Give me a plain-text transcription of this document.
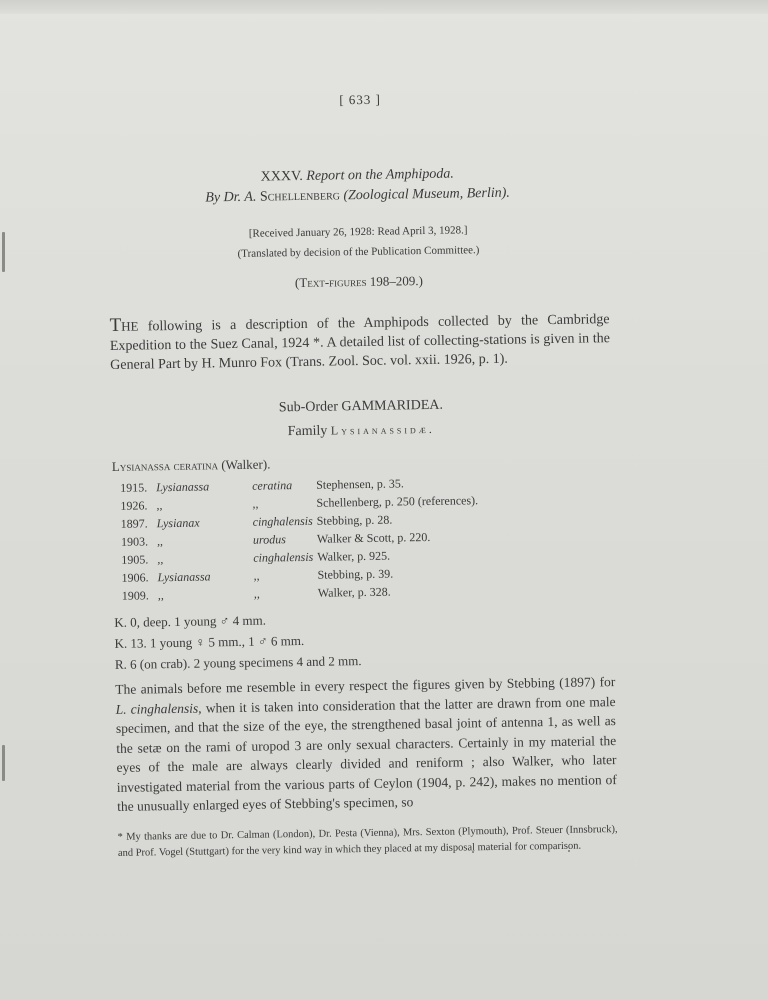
[ 633 ]
XXXV. Report on the Amphipoda.
By Dr. A. Schellenberg (Zoological Museum, Berlin).
[Received January 26, 1928: Read April 3, 1928.]
(Translated by decision of the Publication Committee.)
(Text-figures 198–209.)

The following is a description of the Amphipods collected by the Cambridge Expedition to the Suez Canal, 1924 *. A detailed list of collecting-stations is given in the General Part by H. Munro Fox (Trans. Zool. Soc. vol. xxii. 1926, p. 1).

Sub-Order GAMMARIDEA.
Family Lysianassidæ.
Lysianassa ceratina (Walker).
1915.	Lysianassa	ceratina	Stephensen, p. 35.
1926.	,,	,,	Schellenberg, p. 250 (references).
1897.	Lysianax	cinghalensis	Stebbing, p. 28.
1903.	,,	urodus	Walker & Scott, p. 220.
1905.	,,	cinghalensis	Walker, p. 925.
1906.	Lysianassa	,,	Stebbing, p. 39.
1909.	,,	,,	Walker, p. 328.
K. 0, deep. 1 young ♂ 4 mm.
K. 13. 1 young ♀ 5 mm., 1 ♂ 6 mm.
R. 6 (on crab). 2 young specimens 4 and 2 mm.

The animals before me resemble in every respect the figures given by Stebbing (1897) for L. cinghalensis, when it is taken into consideration that the latter are drawn from one male specimen, and that the size of the eye, the strengthened basal joint of antenna 1, as well as the setæ on the rami of uropod 3 are only sexual characters. Certainly in my material the eyes of the male are always clearly divided and reniform ; also Walker, who later investigated material from the various parts of Ceylon (1904, p. 242), makes no mention of the unusually enlarged eyes of Stebbing's specimen, so

* My thanks are due to Dr. Calman (London), Dr. Pesta (Vienna), Mrs. Sexton (Plymouth), Prof. Steuer (Innsbruck), and Prof. Vogel (Stuttgart) for the very kind way in which they placed at my disposal material for comparison.
